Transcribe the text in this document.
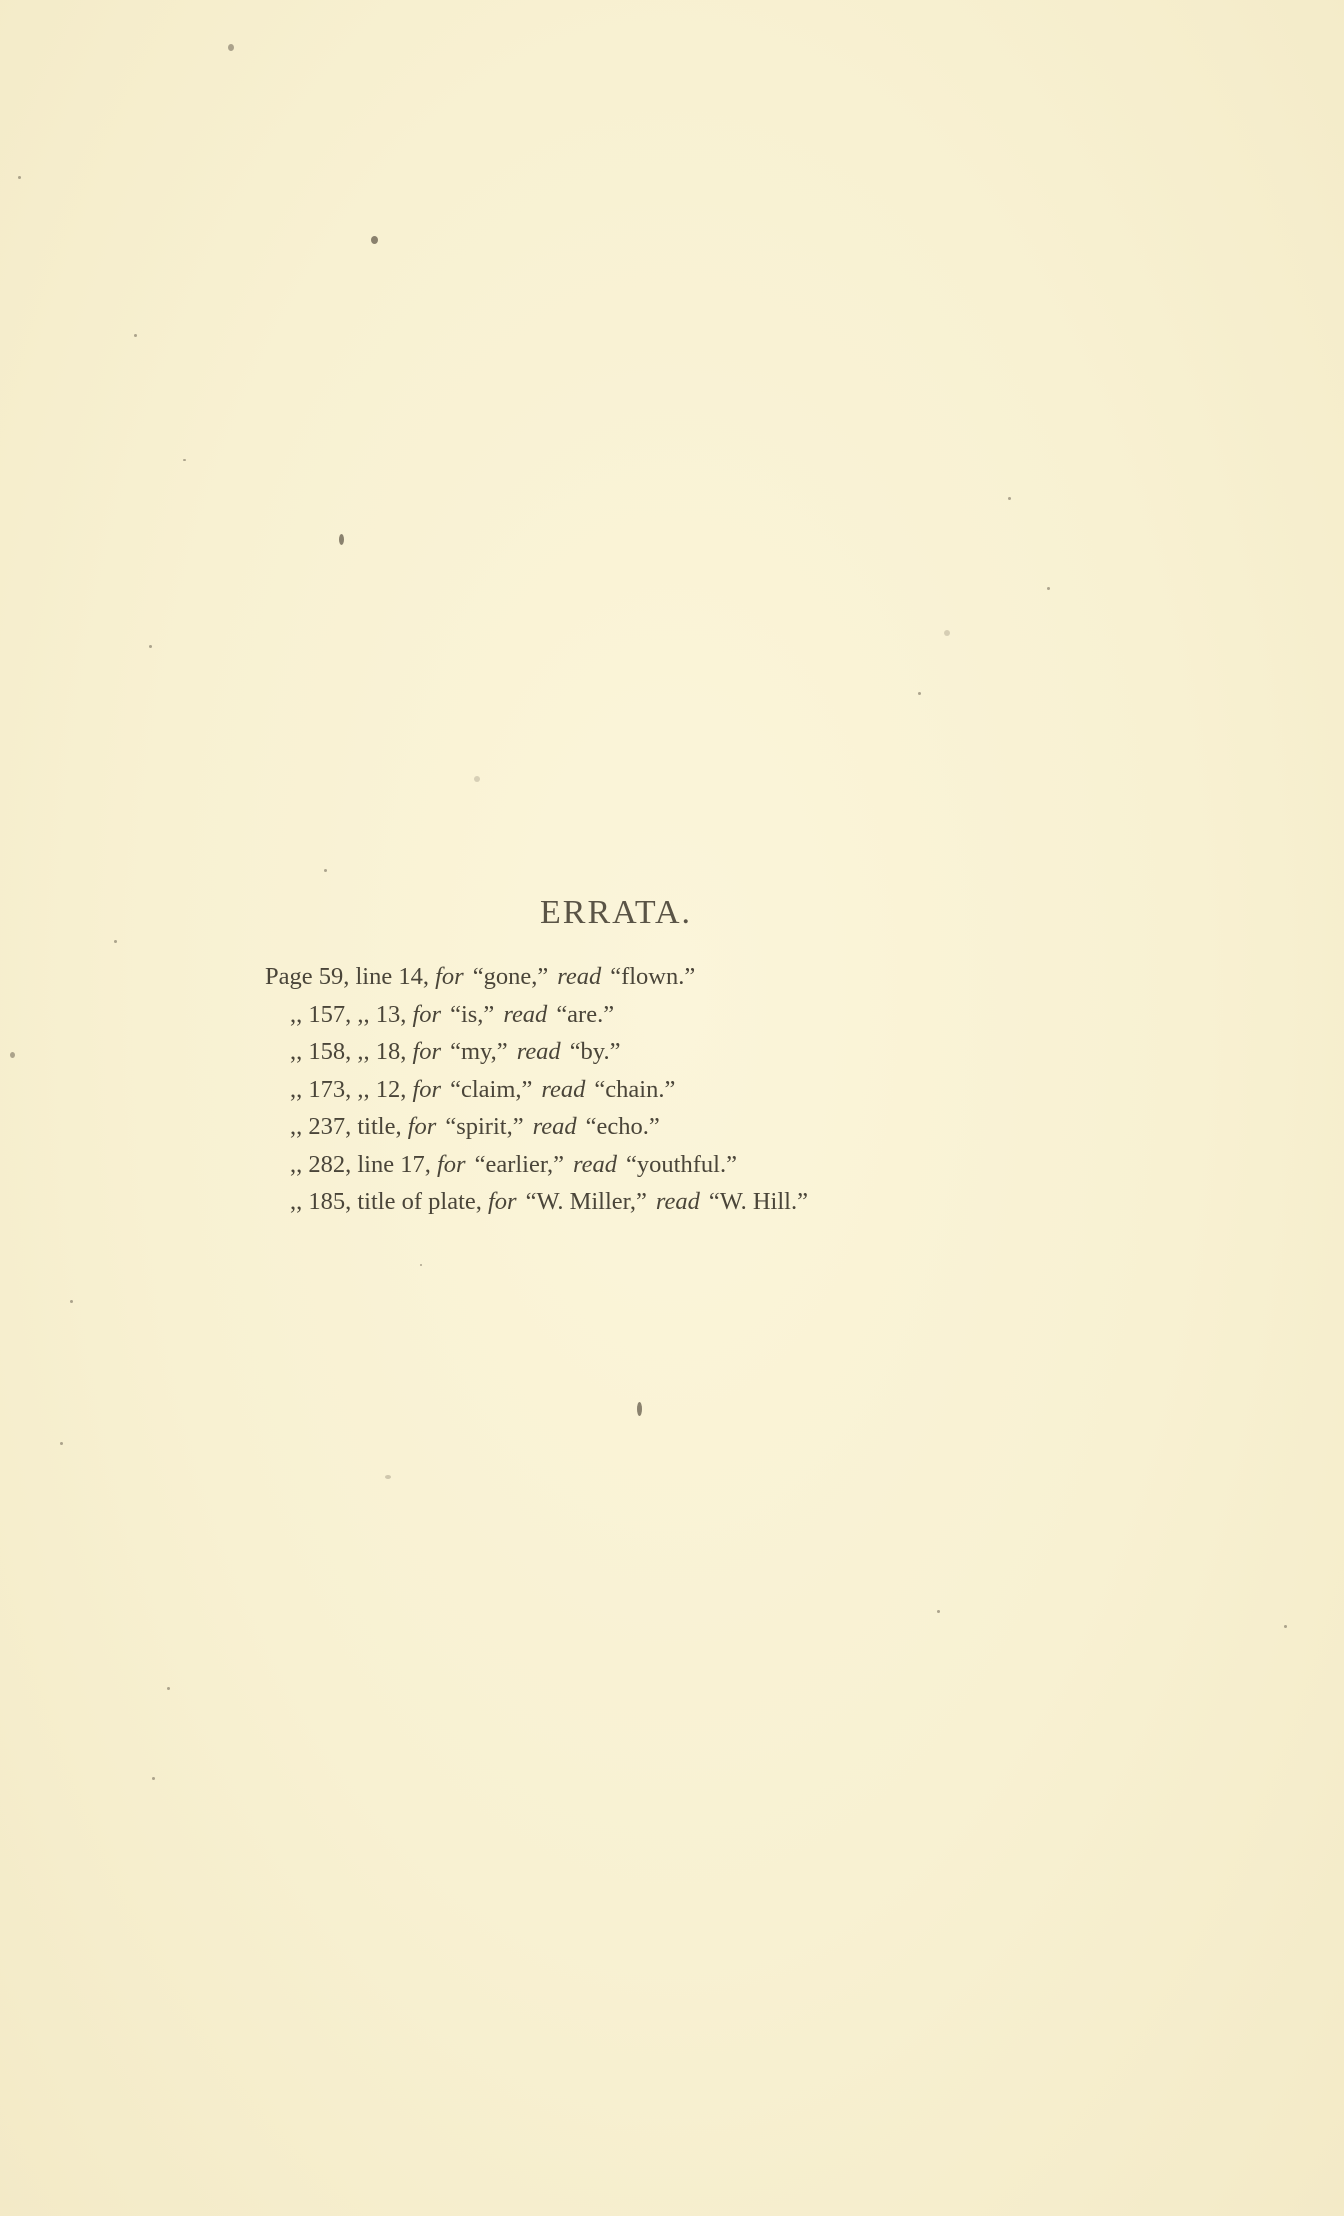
ERRATA.
Page 59, line 14, for “gone,” read “flown.”
,, 157, ,, 13, for “is,” read “are.”
,, 158, ,, 18, for “my,” read “by.”
,, 173, ,, 12, for “claim,” read “chain.”
,, 237, title, for “spirit,” read “echo.”
,, 282, line 17, for “earlier,” read “youthful.”
,, 185, title of plate, for “W. Miller,” read “W. Hill.”
